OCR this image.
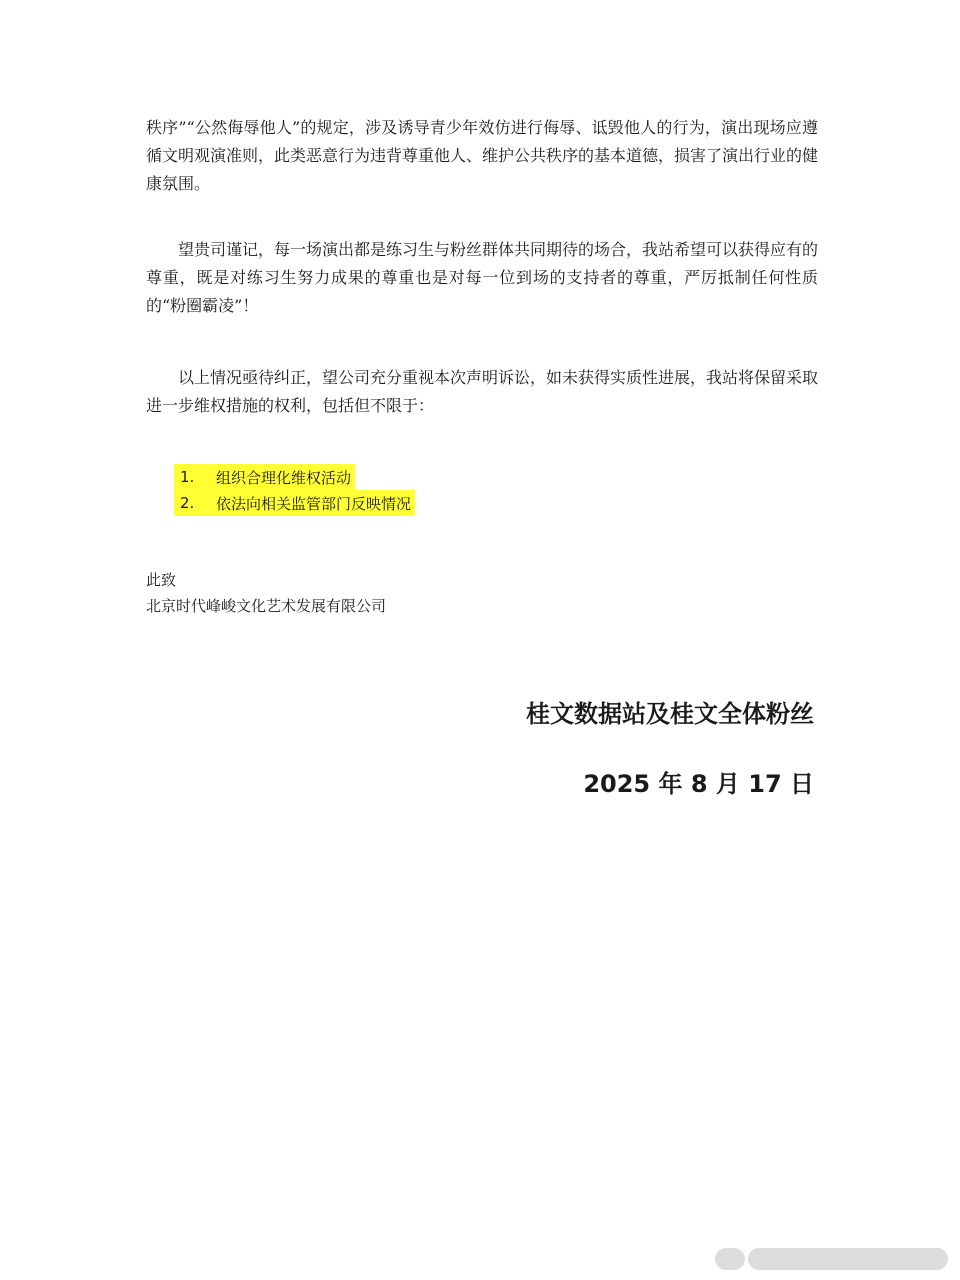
秩序”“公然侮辱他人”的规定，涉及诱导青少年效仿进行侮辱、诋毁他人的行为，演出现场应遵循文明观演准则，此类恶意行为违背尊重他人、维护公共秩序的基本道德，损害了演出行业的健康氛围。

望贵司谨记，每一场演出都是练习生与粉丝群体共同期待的场合，我站希望可以获得应有的尊重，既是对练习生努力成果的尊重也是对每一位到场的支持者的尊重，严厉抵制任何性质的“粉圈霸凌”！

以上情况亟待纠正，望公司充分重视本次声明诉讼，如未获得实质性进展，我站将保留采取进一步维权措施的权利，包括但不限于：

1.	组织合理化维权活动
2.	依法向相关监管部门反映情况
此致
北京时代峰峻文化艺术发展有限公司
桂文数据站及桂文全体粉丝
2025 年 8 月 17 日
